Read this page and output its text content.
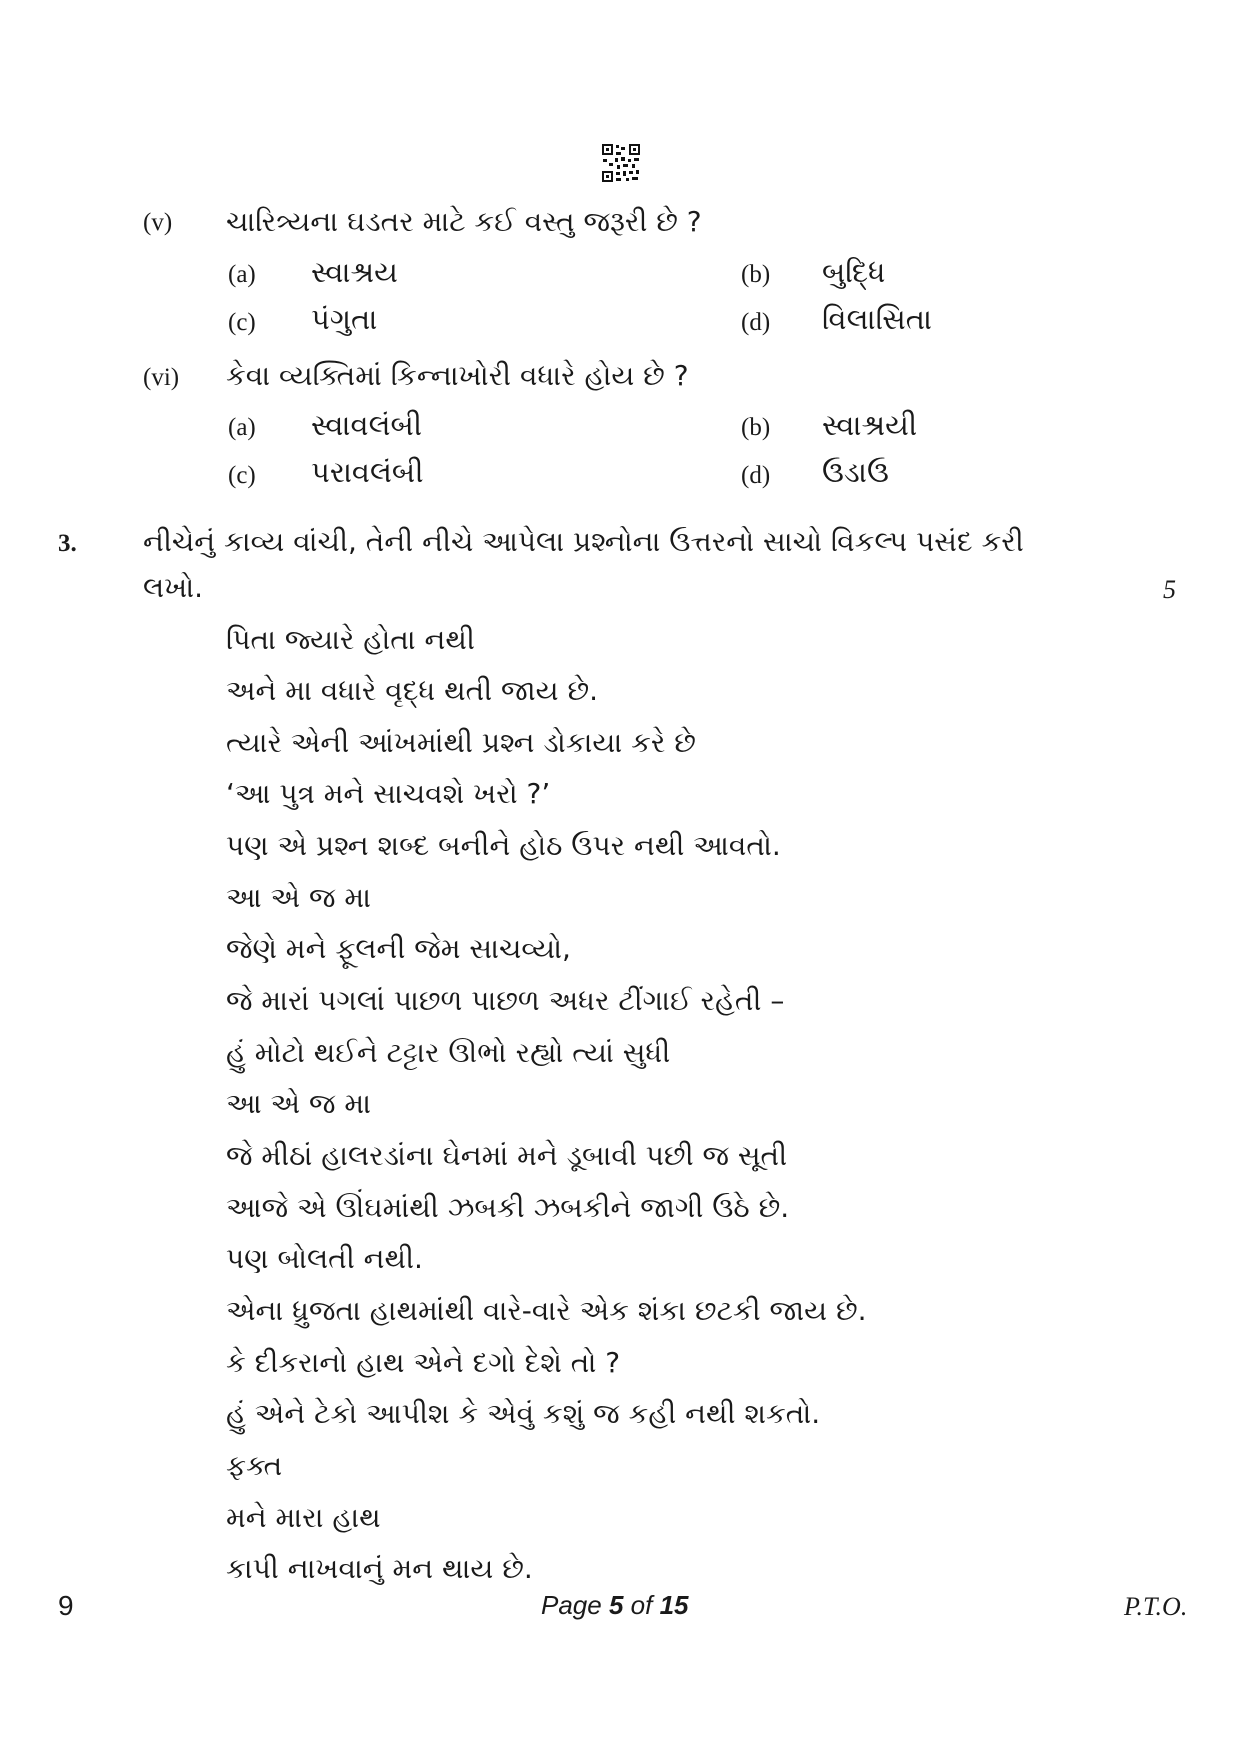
(v) ચારિત્ર્યના ઘડતર માટે કઈ વસ્તુ જરૂરી છે ?
(a) સ્વાશ્રય	(b) બુદ્ધિ
(c) પંગુતા	(d) વિલાસિતા
(vi) કેવા વ્યક્તિમાં કિન્નાખોરી વધારે હોય છે ?
(a) સ્વાવલંબી	(b) સ્વાશ્રયી
(c) પરાવલંબી	(d) ઉડાઉ
3. નીચેનું કાવ્ય વાંચી, તેની નીચે આપેલા પ્રશ્નોના ઉત્તરનો સાચો વિકલ્પ પસંદ કરી
લખો.	5
પિતા જ્યારે હોતા નથી
અને મા વધારે વૃદ્ધ થતી જાય છે.
ત્યારે એની આંખમાંથી પ્રશ્ન ડોકાયા કરે છે
‘આ પુત્ર મને સાચવશે ખરો ?’
પણ એ પ્રશ્ન શબ્દ બનીને હોઠ ઉપર નથી આવતો.
આ એ જ મા
જેણે મને ફૂલની જેમ સાચવ્યો,
જે મારાં પગલાં પાછળ પાછળ અધર ટીંગાઈ રહેતી –
હું મોટો થઈને ટટ્ટાર ઊભો રહ્યો ત્યાં સુધી
આ એ જ મા
જે મીઠાં હાલરડાંના ઘેનમાં મને ડૂબાવી પછી જ સૂતી
આજે એ ઊંઘમાંથી ઝબકી ઝબકીને જાગી ઉઠે છે.
પણ બોલતી નથી.
એના ધ્રુજતા હાથમાંથી વારે-વારે એક શંકા છટકી જાય છે.
કે દીકરાનો હાથ એને દગો દેશે તો ?
હું એને ટેકો આપીશ કે એવું કશું જ કહી નથી શકતો.
ફક્ત
મને મારા હાથ
કાપી નાખવાનું મન થાય છે.
9	Page 5 of 15	P.T.O.
